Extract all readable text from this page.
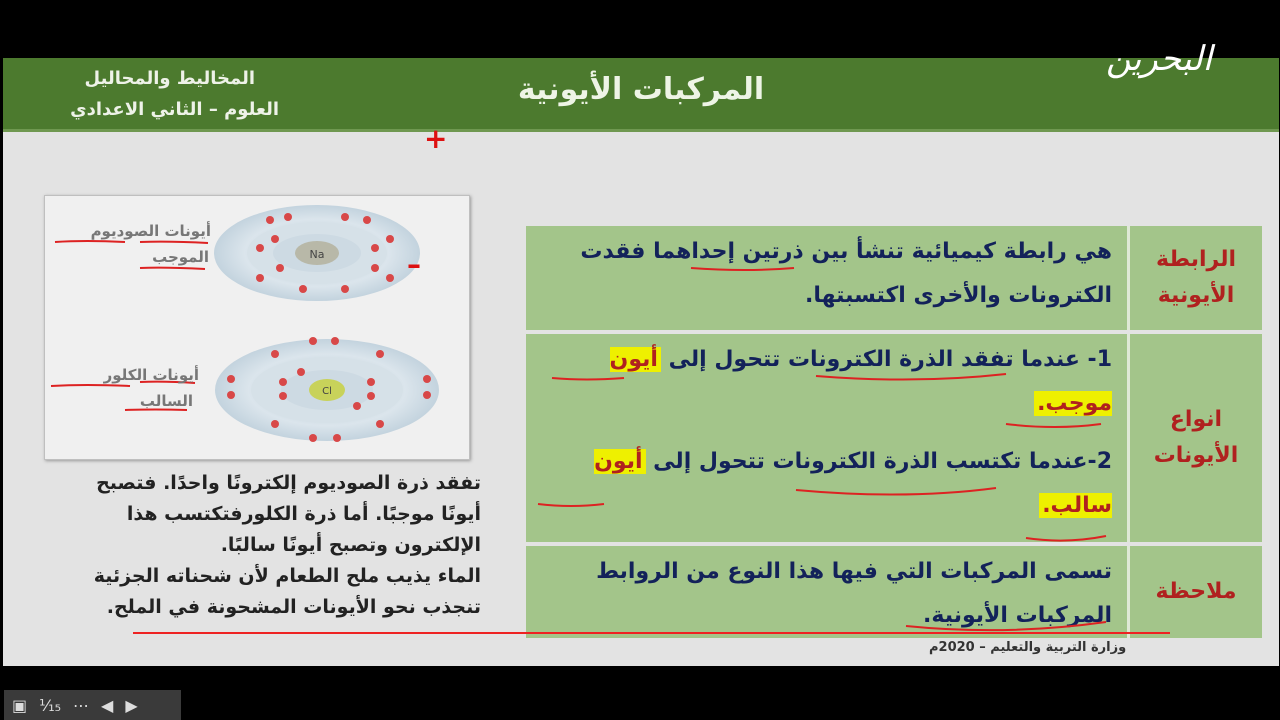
المركبات الأيونية
المخاليط والمحاليل
العلوم – الثاني الاعدادي
Na
Cl
أيونات الصوديوم
الموجب
أيونات الكلور
السالب
+
–
تفقد ذرة الصوديوم إلكترونًا واحدًا. فتصبح
أيونًا موجبًا. أما ذرة الكلورفتكتسب هذا
الإلكترون وتصبح أيونًا سالبًا.
الماء يذيب ملح الطعام لأن شحناته الجزئية
تنجذب نحو الأيونات المشحونة في الملح.
الرابطة الأيونية
هي رابطة كيميائية تنشأ بين ذرتين إحداهما فقدت الكترونات والأخرى اكتسبتها.
انواع الأيونات
1- عندما تفقد الذرة الكترونات تتحول إلى أيون موجب.
2-عندما تكتسب الذرة الكترونات تتحول إلى أيون سالب.
ملاحظة
تسمى المركبات التي فيها هذا النوع من الروابط المركبات الأيونية.
وزارة التربية والتعليم – 2020م
البحرين
▣ ¹⁄₁₅ ⋯ ◀ ▶
